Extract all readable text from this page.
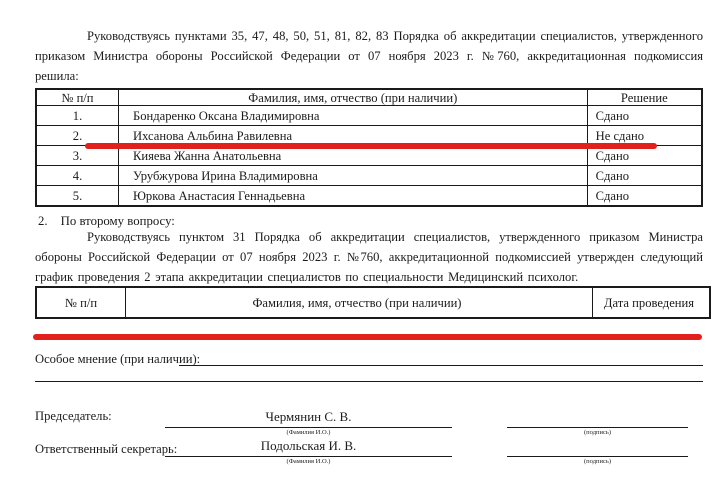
Руководствуясь пунктами 35, 47, 48, 50, 51, 81, 82, 83 Порядка об аккредитации специалистов, утвержденного приказом Министра обороны Российской Федерации от 07 ноября 2023 г. №760, аккредитационная подкомиссия решила:

№ п/п	Фамилия, имя, отчество (при наличии)	Решение
1.	Бондаренко Оксана Владимировна	Сдано
2.	Ихсанова Альбина Равилевна	Не сдано
3.	Кияева Жанна Анатольевна	Сдано
4.	Урубжурова Ирина Владимировна	Сдано
5.	Юркова Анастасия Геннадьевна	Сдано
2. По второму вопросу:

Руководствуясь пунктом 31 Порядка об аккредитации специалистов, утвержденного приказом Министра обороны Российской Федерации от 07 ноября 2023 г. №760, аккредитационной подкомиссией утвержден следующий график проведения 2 этапа аккредитации специалистов по специальности Медицинский психолог.

№ п/п	Фамилия, имя, отчество (при наличии)	Дата проведения
Особое мнение (при наличии):
Председатель:	Чермянин С. В.
(Фамилия И.О.)	(подпись)
Ответственный секретарь:	Подольская И. В.
(Фамилия И.О.)	(подпись)
